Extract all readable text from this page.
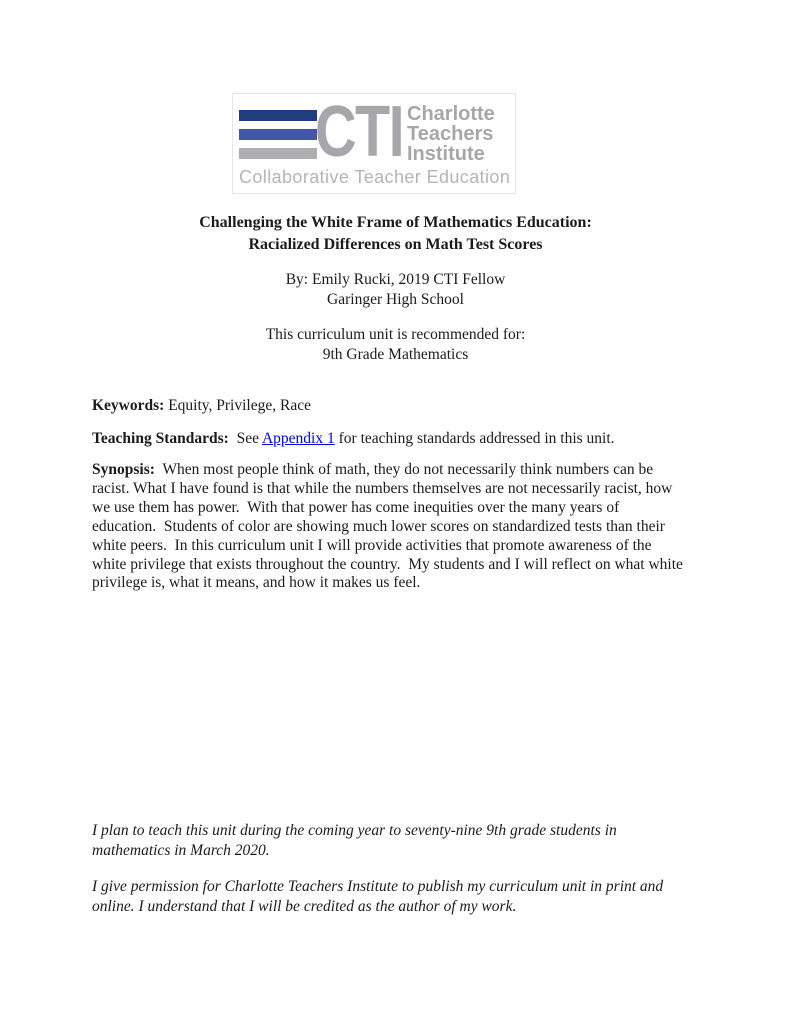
CTI Charlotte
Teachers
Institute
Collaborative Teacher Education
Challenging the White Frame of Mathematics Education:
Racialized Differences on Math Test Scores
By: Emily Rucki, 2019 CTI Fellow
Garinger High School
This curriculum unit is recommended for:
9th Grade Mathematics

Keywords: Equity, Privilege, Race

Teaching Standards:  See Appendix 1 for teaching standards addressed in this unit.

Synopsis:  When most people think of math, they do not necessarily think numbers can be racist. What I have found is that while the numbers themselves are not necessarily racist, how we use them has power.  With that power has come inequities over the many years of education.  Students of color are showing much lower scores on standardized tests than their white peers.  In this curriculum unit I will provide activities that promote awareness of the white privilege that exists throughout the country.  My students and I will reflect on what white privilege is, what it means, and how it makes us feel.

I plan to teach this unit during the coming year to seventy-nine 9th grade students in mathematics in March 2020.

I give permission for Charlotte Teachers Institute to publish my curriculum unit in print and online. I understand that I will be credited as the author of my work.
